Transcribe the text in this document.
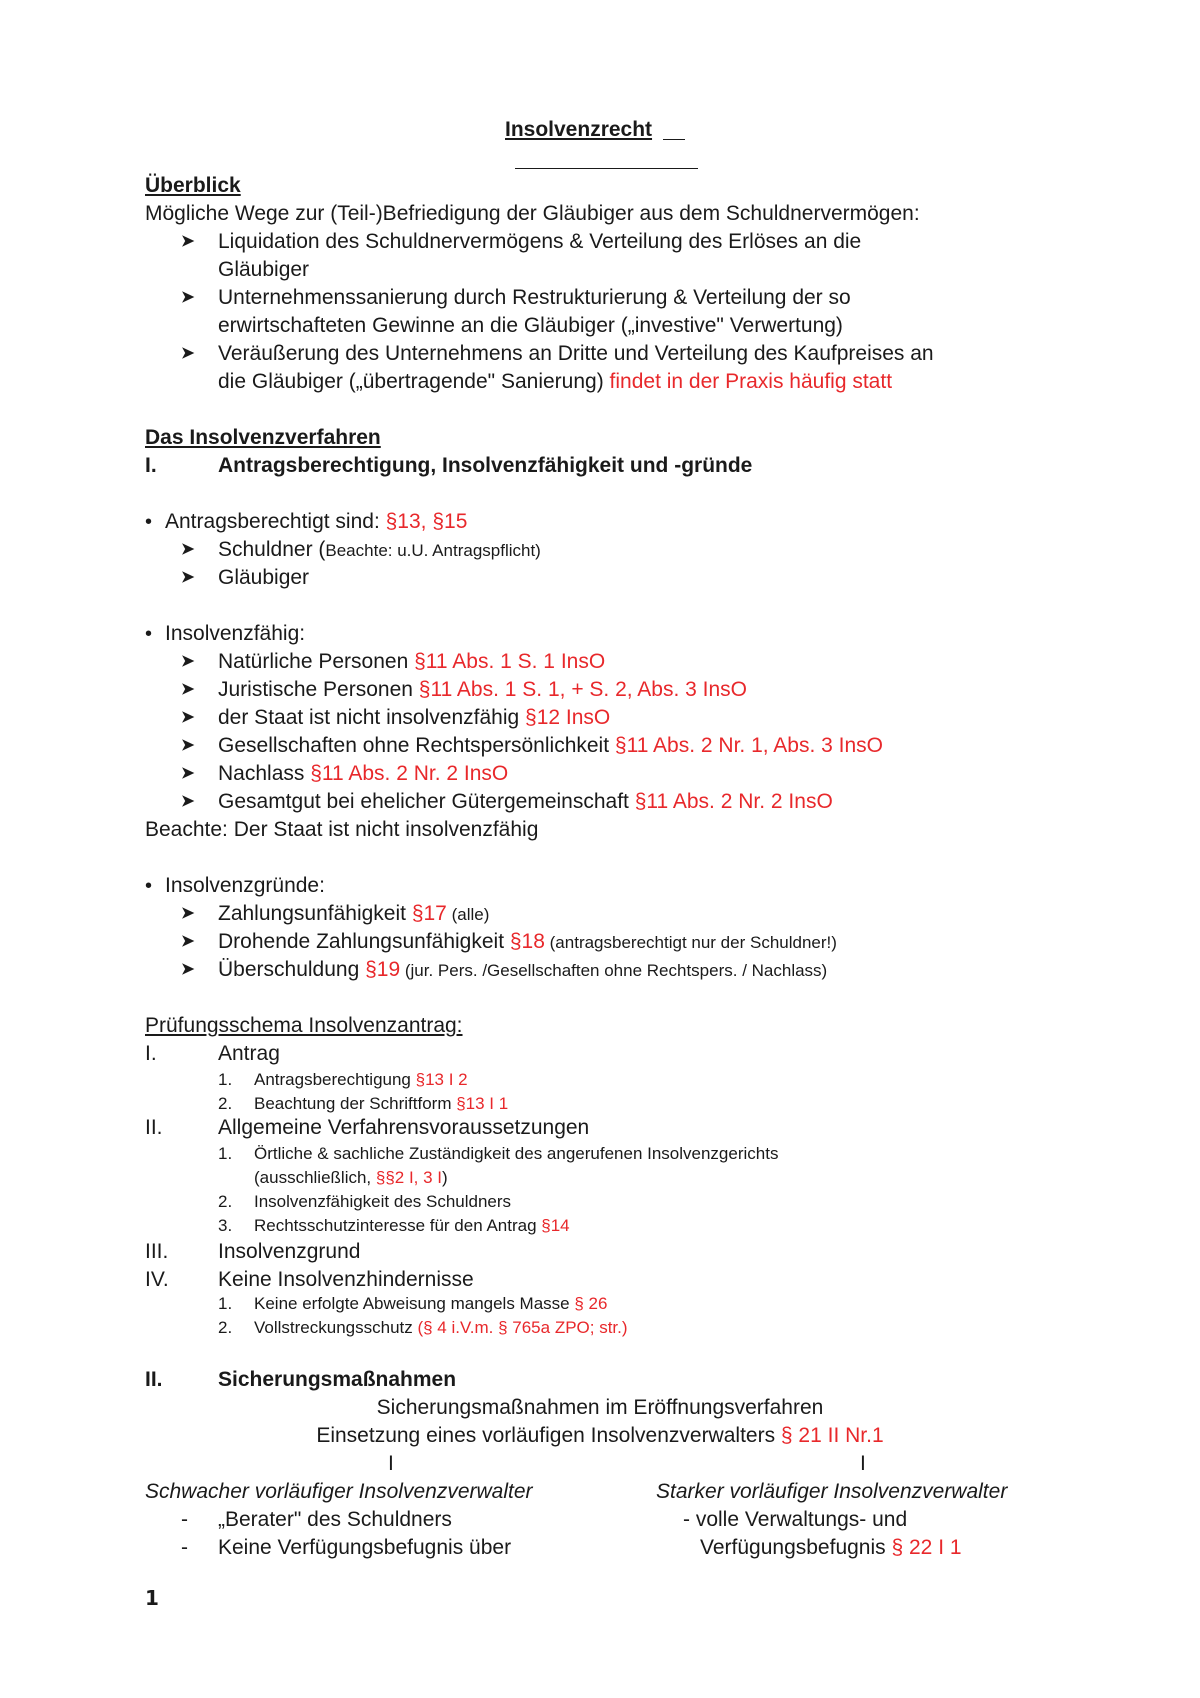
Insolvenzrecht
Überblick
Mögliche Wege zur (Teil-)Befriedigung der Gläubiger aus dem Schuldnervermögen:
➤ Liquidation des Schuldnervermögens & Verteilung des Erlöses an die
Gläubiger
➤ Unternehmenssanierung durch Restrukturierung & Verteilung der so
erwirtschafteten Gewinne an die Gläubiger („investive" Verwertung)
➤ Veräußerung des Unternehmens an Dritte und Verteilung des Kaufpreises an
die Gläubiger („übertragende" Sanierung) findet in der Praxis häufig statt
Das Insolvenzverfahren
I.	Antragsberechtigung, Insolvenzfähigkeit und -gründe
• Antragsberechtigt sind: §13, §15
➤ Schuldner (Beachte: u.U. Antragspflicht)
➤ Gläubiger
• Insolvenzfähig:
➤ Natürliche Personen §11 Abs. 1 S. 1 InsO
➤ Juristische Personen §11 Abs. 1 S. 1, + S. 2, Abs. 3 InsO
➤ der Staat ist nicht insolvenzfähig §12 InsO
➤ Gesellschaften ohne Rechtspersönlichkeit §11 Abs. 2 Nr. 1, Abs. 3 InsO
➤ Nachlass §11 Abs. 2 Nr. 2 InsO
➤ Gesamtgut bei ehelicher Gütergemeinschaft §11 Abs. 2 Nr. 2 InsO
Beachte: Der Staat ist nicht insolvenzfähig
• Insolvenzgründe:
➤ Zahlungsunfähigkeit §17 (alle)
➤ Drohende Zahlungsunfähigkeit §18 (antragsberechtigt nur der Schuldner!)
➤ Überschuldung §19 (jur. Pers. /Gesellschaften ohne Rechtspers. / Nachlass)
Prüfungsschema Insolvenzantrag:
I.	Antrag
1. Antragsberechtigung §13 I 2
2. Beachtung der Schriftform §13 I 1
II.	Allgemeine Verfahrensvoraussetzungen
1. Örtliche & sachliche Zuständigkeit des angerufenen Insolvenzgerichts
(ausschließlich, §§2 I, 3 I)
2. Insolvenzfähigkeit des Schuldners
3. Rechtsschutzinteresse für den Antrag §14
III. Insolvenzgrund
IV. Keine Insolvenzhindernisse
1. Keine erfolgte Abweisung mangels Masse § 26
2. Vollstreckungsschutz (§ 4 i.V.m. § 765a ZPO; str.)
II.	Sicherungsmaßnahmen
Sicherungsmaßnahmen im Eröffnungsverfahren
Einsetzung eines vorläufigen Insolvenzverwalters § 21 II Nr.1
I	I
Schwacher vorläufiger Insolvenzverwalter	Starker vorläufiger Insolvenzverwalter
- „Berater" des Schuldners	- volle Verwaltungs- und
- Keine Verfügungsbefugnis über	Verfügungsbefugnis § 22 I 1
1
